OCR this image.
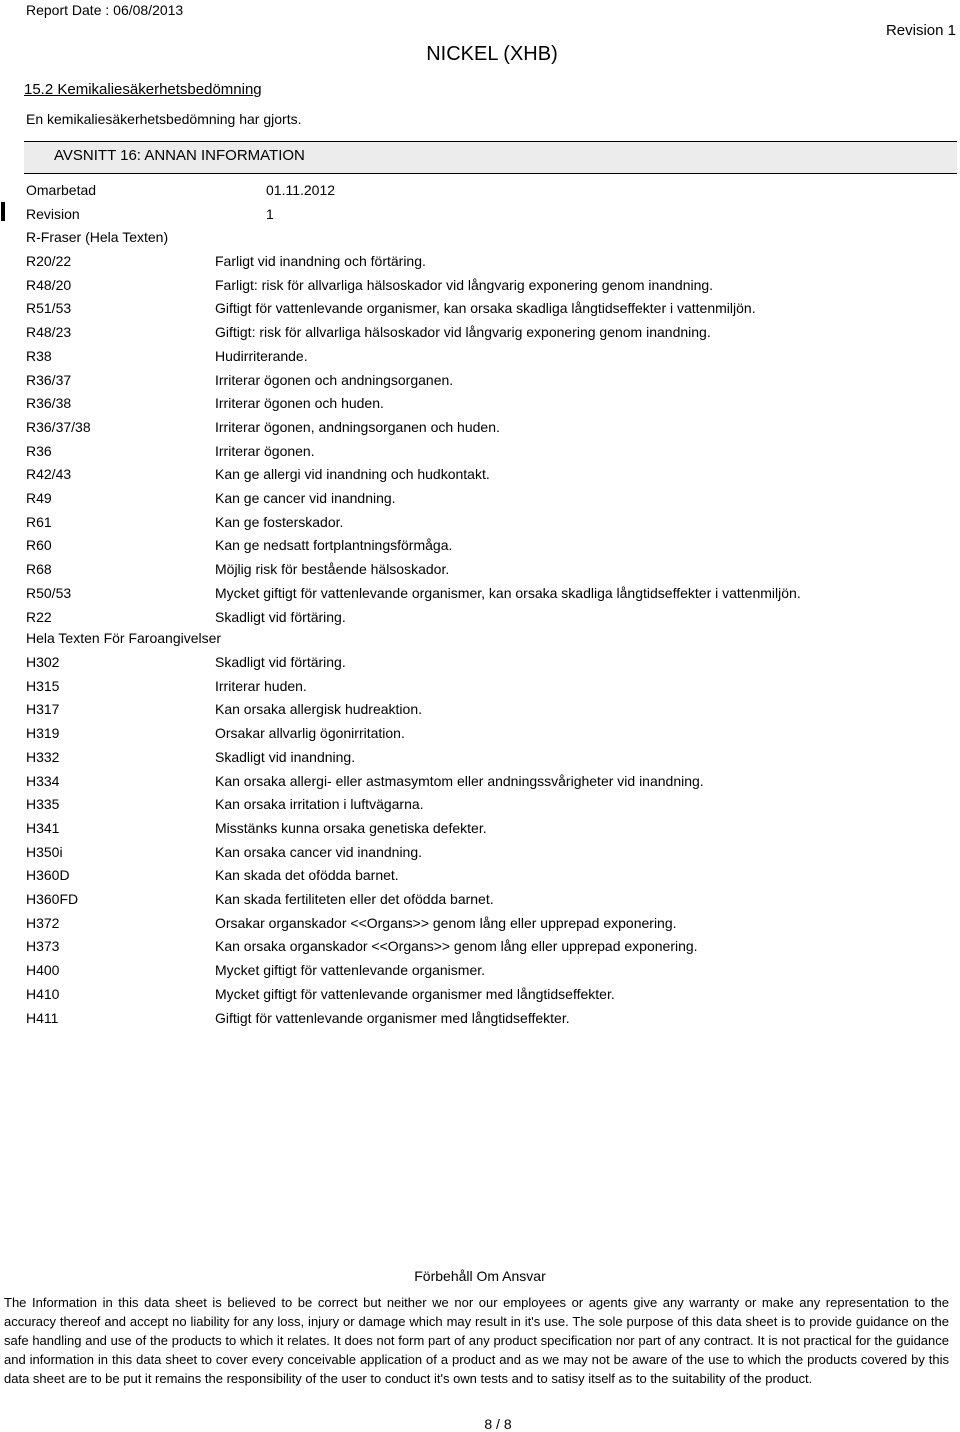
Report Date : 06/08/2013
NICKEL (XHB)
Revision 1
15.2 Kemikaliesäkerhetsbedömning
En kemikaliesäkerhetsbedömning har gjorts.
AVSNITT 16: ANNAN INFORMATION
Omarbetad	01.11.2012
Revision	1
R-Fraser (Hela Texten)
R20/22	Farligt vid inandning och förtäring.
R48/20	Farligt: risk för allvarliga hälsoskador vid långvarig exponering genom inandning.
R51/53	Giftigt för vattenlevande organismer, kan orsaka skadliga långtidseffekter i vattenmiljön.
R48/23	Giftigt: risk för allvarliga hälsoskador vid långvarig exponering genom inandning.
R38	Hudirriterande.
R36/37	Irriterar ögonen och andningsorganen.
R36/38	Irriterar ögonen och huden.
R36/37/38	Irriterar ögonen, andningsorganen och huden.
R36	Irriterar ögonen.
R42/43	Kan ge allergi vid inandning och hudkontakt.
R49	Kan ge cancer vid inandning.
R61	Kan ge fosterskador.
R60	Kan ge nedsatt fortplantningsförmåga.
R68	Möjlig risk för bestående hälsoskador.
R50/53	Mycket giftigt för vattenlevande organismer, kan orsaka skadliga långtidseffekter i vattenmiljön.
R22	Skadligt vid förtäring.
Hela Texten För Faroangivelser
H302	Skadligt vid förtäring.
H315	Irriterar huden.
H317	Kan orsaka allergisk hudreaktion.
H319	Orsakar allvarlig ögonirritation.
H332	Skadligt vid inandning.
H334	Kan orsaka allergi- eller astmasymtom eller andningssvårigheter vid inandning.
H335	Kan orsaka irritation i luftvägarna.
H341	Misstänks kunna orsaka genetiska defekter.
H350i	Kan orsaka cancer vid inandning.
H360D	Kan skada det ofödda barnet.
H360FD	Kan skada fertiliteten eller det ofödda barnet.
H372	Orsakar organskador <<Organs>> genom lång eller upprepad exponering.
H373	Kan orsaka organskador <<Organs>> genom lång eller upprepad exponering.
H400	Mycket giftigt för vattenlevande organismer.
H410	Mycket giftigt för vattenlevande organismer med långtidseffekter.
H411	Giftigt för vattenlevande organismer med långtidseffekter.
Förbehåll Om Ansvar
The Information in this data sheet is believed to be correct but neither we nor our employees or agents give any warranty or make any representation to the accuracy thereof and accept no liability for any loss, injury or damage which may result in it's use. The sole purpose of this data sheet is to provide guidance on the safe handling and use of the products to which it relates. It does not form part of any product specification nor part of any contract. It is not practical for the guidance and information in this data sheet to cover every conceivable application of a product and as we may not be aware of the use to which the products covered by this data sheet are to be put it remains the responsibility of the user to conduct it's own tests and to satisy itself as to the suitability of the product.
8 / 8
